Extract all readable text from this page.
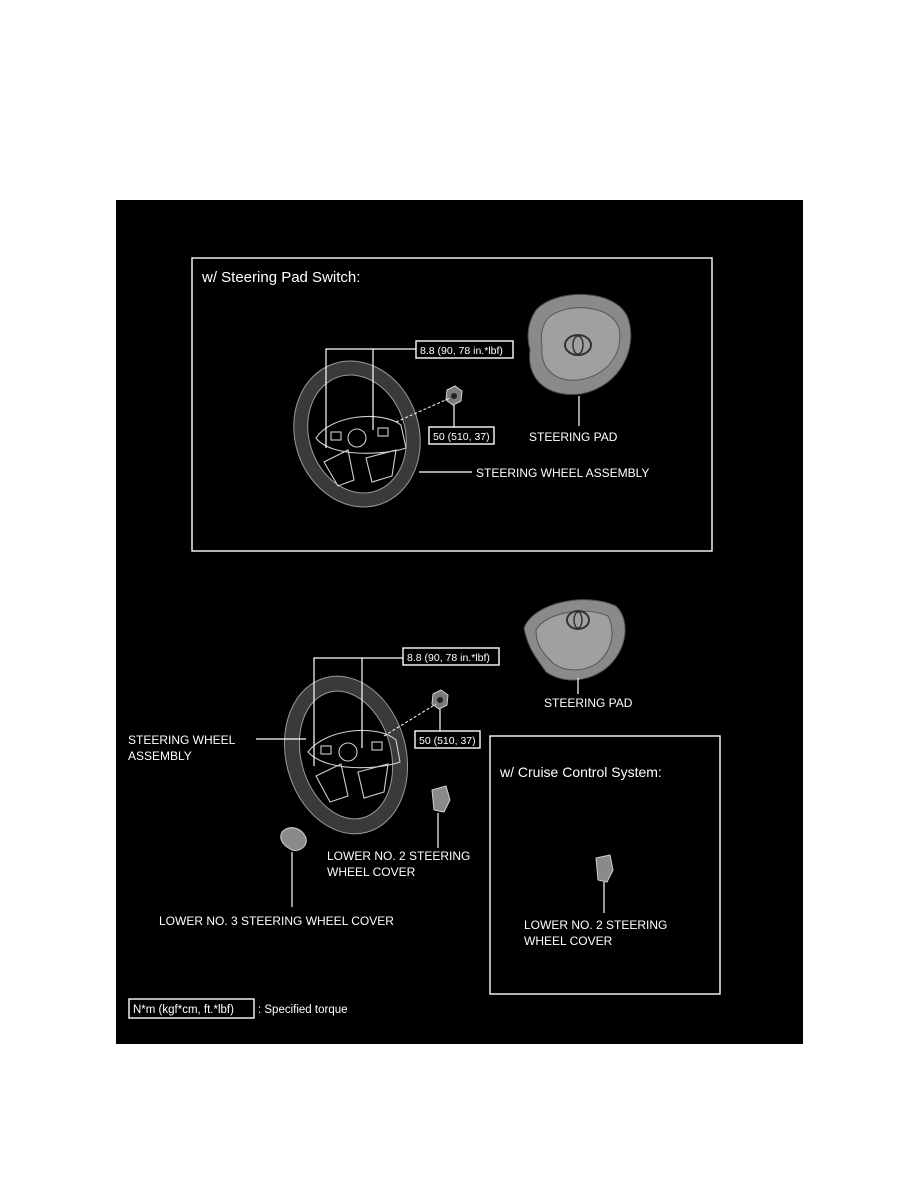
w/ Steering Pad Switch:
8.8 (90, 78 in.*lbf)
50 (510, 37)	STEERING PAD
STEERING WHEEL ASSEMBLY
8.8 (90, 78 in.*lbf)
50 (510, 37)
STEERING PAD
STEERING WHEEL
ASSEMBLY
LOWER NO. 2 STEERING
WHEEL COVER
LOWER NO. 3 STEERING WHEEL COVER
w/ Cruise Control System:
LOWER NO. 2 STEERING
WHEEL COVER
N*m (kgf*cm, ft.*lbf) : Specified torque
